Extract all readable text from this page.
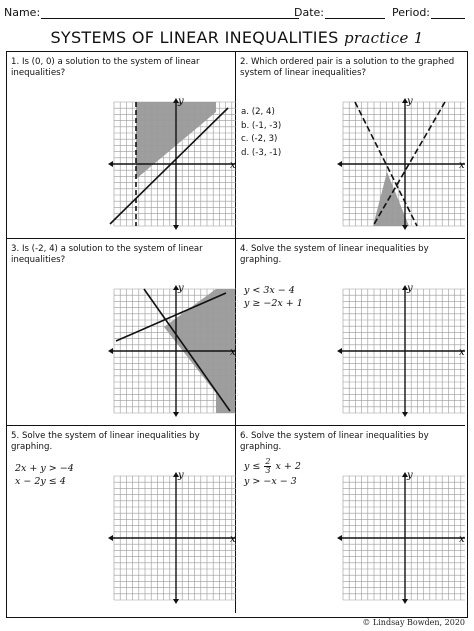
Name:	Date:	Period:
SYSTEMS OF LINEAR INEQUALITIES practice 1
1. Is (0, 0) a solution to the system of linear inequalities?
x
y
2. Which ordered pair is a solution to the graphed system of linear inequalities?
a. (2, 4)
b. (-1, -3)
c. (-2, 3)
d. (-3, -1)
x
y
3. Is (-2, 4) a solution to the system of linear inequalities?
x
y
4. Solve the system of linear inequalities by graphing.
y < 3x − 4
y ≥ −2x + 1
x
y
5. Solve the system of linear inequalities by graphing.
2x + y > −4
x − 2y ≤ 4
x
y
6. Solve the system of linear inequalities by graphing.
$y \le \frac{2}{3}$ x + 2
y > −x − 3
x
y
© Lindsay Bowden, 2020
